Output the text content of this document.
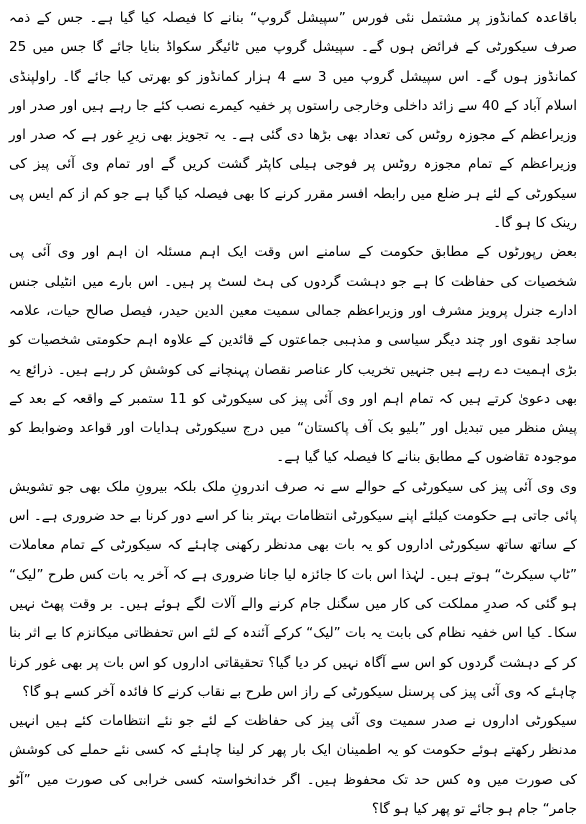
باقاعدہ کمانڈوز پر مشتمل نئی فورس ”سپیشل گروپ“ بنانے کا فیصلہ کیا گیا ہے۔ جس کے ذمہ صرف سیکورٹی کے فرائض ہوں گے۔ سپیشل گروپ میں ٹائیگر سکواڈ بنایا جائے گا جس میں 25 کمانڈوز ہوں گے۔ اس سپیشل گروپ میں 3 سے 4 ہزار کمانڈوز کو بھرتی کیا جائے گا۔ راولپنڈی اسلام آباد کے 40 سے زائد داخلی وخارجی راستوں پر خفیہ کیمرے نصب کئے جا رہے ہیں اور صدر اور وزیراعظم کے مجوزہ روٹس کی تعداد بھی بڑھا دی گئی ہے۔ یہ تجویز بھی زیرِ غور ہے کہ صدر اور وزیراعظم کے تمام مجوزہ روٹس پر فوجی ہیلی کاپٹر گشت کریں گے اور تمام وی آئی پیز کی سیکورٹی کے لئے ہر ضلع میں رابطہ افسر مقرر کرنے کا بھی فیصلہ کیا گیا ہے جو کم از کم ایس پی رینک کا ہو گا۔

بعض رپورٹوں کے مطابق حکومت کے سامنے اس وقت ایک اہم مسئلہ ان اہم اور وی آئی پی شخصیات کی حفاظت کا ہے جو دہشت گردوں کی ہٹ لسٹ پر ہیں۔ اس بارے میں انٹیلی جنس ادارے جنرل پرویز مشرف اور وزیراعظم جمالی سمیت معین الدین حیدر، فیصل صالح حیات، علامہ ساجد نقوی اور چند دیگر سیاسی و مذہبی جماعتوں کے قائدین کے علاوہ اہم حکومتی شخصیات کو بڑی اہمیت دے رہے ہیں جنہیں تخریب کار عناصر نقصان پہنچانے کی کوشش کر رہے ہیں۔ ذرائع یہ بھی دعویٰ کرتے ہیں کہ تمام اہم اور وی آئی پیز کی سیکورٹی کو 11 ستمبر کے واقعہ کے بعد کے پیش منظر میں تبدیل اور ”بلیو بک آف پاکستان“ میں درج سیکورٹی ہدایات اور قواعد وضوابط کو موجودہ تقاضوں کے مطابق بنانے کا فیصلہ کیا گیا ہے۔

وی وی آئی پیز کی سیکورٹی کے حوالے سے نہ صرف اندرونِ ملک بلکہ بیرونِ ملک بھی جو تشویش پائی جاتی ہے حکومت کیلئے اپنے سیکورٹی انتظامات بہتر بنا کر اسے دور کرنا بے حد ضروری ہے۔ اس کے ساتھ ساتھ سیکورٹی اداروں کو یہ بات بھی مدنظر رکھنی چاہئے کہ سیکورٹی کے تمام معاملات ”ٹاپ سیکرٹ“ ہوتے ہیں۔ لہٰذا اس بات کا جائزہ لیا جانا ضروری ہے کہ آخر یہ بات کس طرح ”لیک“ ہو گئی کہ صدرِ مملکت کی کار میں سگنل جام کرنے والے آلات لگے ہوئے ہیں۔ بر وقت پھٹ نہیں سکا۔ کیا اس خفیہ نظام کی بابت یہ بات ”لیک“ کرکے آئندہ کے لئے اس تحفظاتی میکانزم کا بے اثر بنا کر کے دہشت گردوں کو اس سے آگاہ نہیں کر دیا گیا؟ تحقیقاتی اداروں کو اس بات پر بھی غور کرنا چاہئے کہ وی آئی پیز کی پرسنل سیکورٹی کے راز اس طرح بے نقاب کرنے کا فائدہ آخر کسے ہو گا؟

سیکورٹی اداروں نے صدر سمیت وی آئی پیز کی حفاظت کے لئے جو نئے انتظامات کئے ہیں انہیں مدنظر رکھتے ہوئے حکومت کو یہ اطمینان ایک بار پھر کر لینا چاہئے کہ کسی نئے حملے کی کوشش کی صورت میں وہ کس حد تک محفوظ ہیں۔ اگر خدانخواستہ کسی خرابی کی صورت میں ”آٹو جامر“ جام ہو جائے تو پھر کیا ہو گا؟
